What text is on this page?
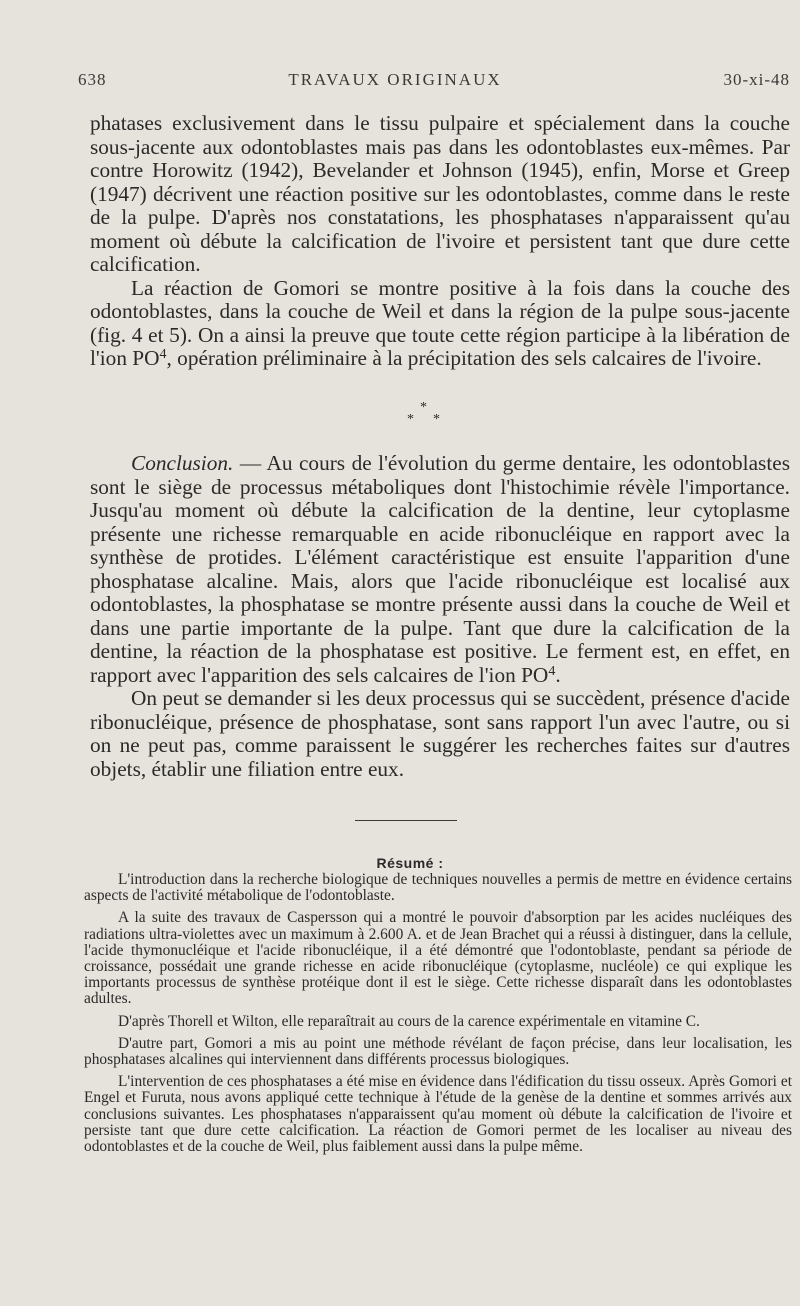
638	TRAVAUX ORIGINAUX	30-xi-48

phatases exclusivement dans le tissu pulpaire et spécialement dans la couche sous-jacente aux odontoblastes mais pas dans les odontoblastes eux-mêmes. Par contre Horowitz (1942), Bevelander et Johnson (1945), enfin, Morse et Greep (1947) décrivent une réaction positive sur les odontoblastes, comme dans le reste de la pulpe. D'après nos constatations, les phosphatases n'apparaissent qu'au moment où débute la calcification de l'ivoire et persistent tant que dure cette calcification.

La réaction de Gomori se montre positive à la fois dans la couche des odontoblastes, dans la couche de Weil et dans la région de la pulpe sous-jacente (fig. 4 et 5). On a ainsi la preuve que toute cette région participe à la libération de l'ion $PO^4$, opération préliminaire à la précipitation des sels calcaires de l'ivoire.

*
* *

Conclusion. — Au cours de l'évolution du germe dentaire, les odontoblastes sont le siège de processus métaboliques dont l'histochimie révèle l'importance. Jusqu'au moment où débute la calcification de la dentine, leur cytoplasme présente une richesse remarquable en acide ribonucléique en rapport avec la synthèse de protides. L'élément caractéristique est ensuite l'apparition d'une phosphatase alcaline. Mais, alors que l'acide ribonucléique est localisé aux odontoblastes, la phosphatase se montre présente aussi dans la couche de Weil et dans une partie importante de la pulpe. Tant que dure la calcification de la dentine, la réaction de la phosphatase est positive. Le ferment est, en effet, en rapport avec l'apparition des sels calcaires de l'ion $PO^4$.

On peut se demander si les deux processus qui se succèdent, présence d'acide ribonucléique, présence de phosphatase, sont sans rapport l'un avec l'autre, ou si on ne peut pas, comme paraissent le suggérer les recherches faites sur d'autres objets, établir une filiation entre eux.

Résumé :

L'introduction dans la recherche biologique de techniques nouvelles a permis de mettre en évidence certains aspects de l'activité métabolique de l'odontoblaste.

A la suite des travaux de Caspersson qui a montré le pouvoir d'absorption par les acides nucléiques des radiations ultra-violettes avec un maximum à 2.600 A. et de Jean Brachet qui a réussi à distinguer, dans la cellule, l'acide thymonucléique et l'acide ribonucléique, il a été démontré que l'odontoblaste, pendant sa période de croissance, possédait une grande richesse en acide ribonucléique (cytoplasme, nucléole) ce qui explique les importants processus de synthèse protéique dont il est le siège. Cette richesse disparaît dans les odontoblastes adultes.

D'après Thorell et Wilton, elle reparaîtrait au cours de la carence expérimentale en vitamine C.

D'autre part, Gomori a mis au point une méthode révélant de façon précise, dans leur localisation, les phosphatases alcalines qui interviennent dans différents processus biologiques.

L'intervention de ces phosphatases a été mise en évidence dans l'édification du tissu osseux. Après Gomori et Engel et Furuta, nous avons appliqué cette technique à l'étude de la genèse de la dentine et sommes arrivés aux conclusions suivantes. Les phosphatases n'apparaissent qu'au moment où débute la calcification de l'ivoire et persiste tant que dure cette calcification. La réaction de Gomori permet de les localiser au niveau des odontoblastes et de la couche de Weil, plus faiblement aussi dans la pulpe même.
